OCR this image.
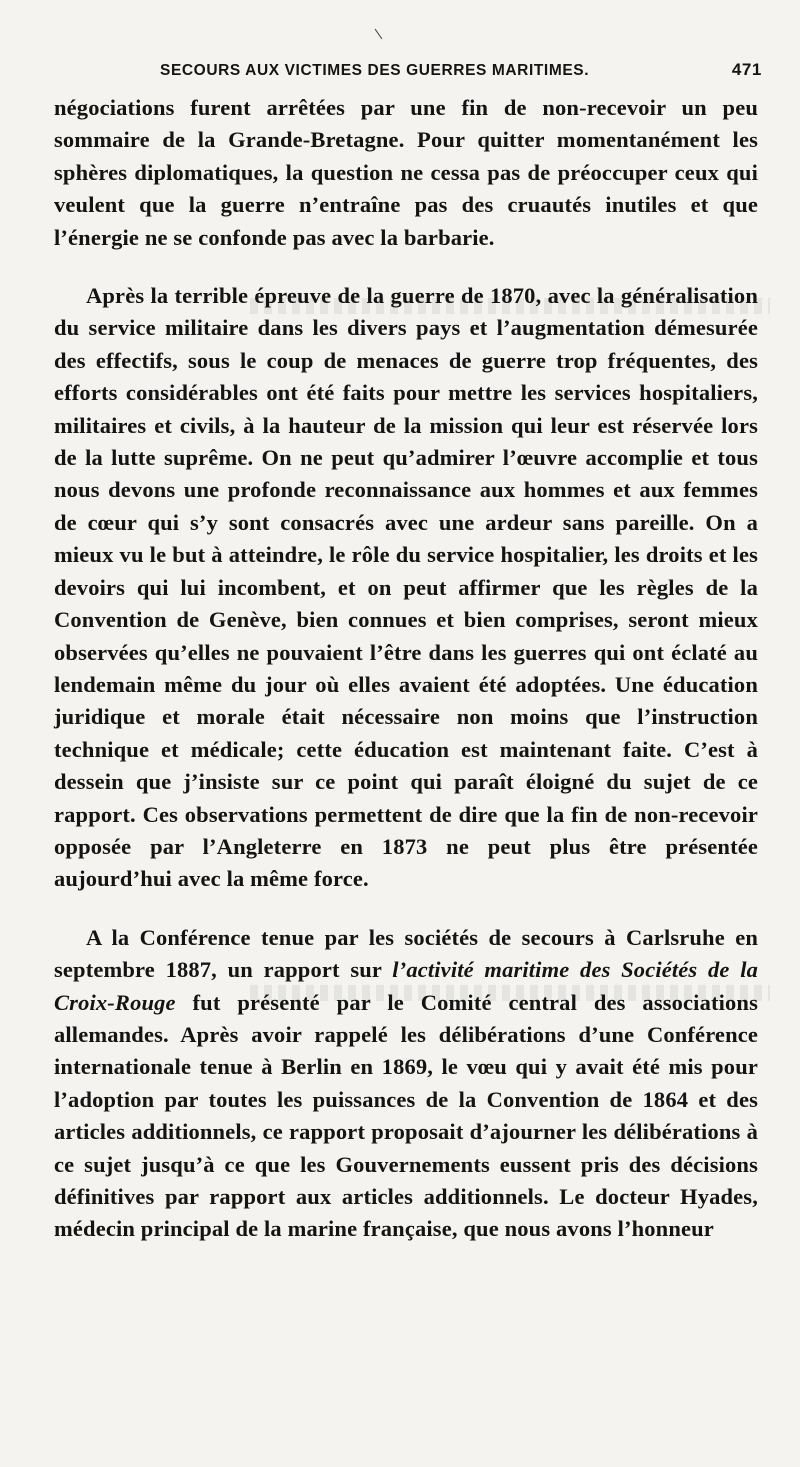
SECOURS AUX VICTIMES DES GUERRES MARITIMES.	471

négociations furent arrêtées par une fin de non-recevoir un peu sommaire de la Grande-Bretagne. Pour quitter momentanément les sphères diplomatiques, la question ne cessa pas de préoccuper ceux qui veulent que la guerre n’entraîne pas des cruautés inutiles et que l’énergie ne se confonde pas avec la barbarie.

Après la terrible épreuve de la guerre de 1870, avec la généralisation du service militaire dans les divers pays et l’augmentation démesurée des effectifs, sous le coup de menaces de guerre trop fréquentes, des efforts considérables ont été faits pour mettre les services hospitaliers, militaires et civils, à la hauteur de la mission qui leur est réservée lors de la lutte suprême. On ne peut qu’admirer l’œuvre accomplie et tous nous devons une profonde reconnaissance aux hommes et aux femmes de cœur qui s’y sont consacrés avec une ardeur sans pareille. On a mieux vu le but à atteindre, le rôle du service hospitalier, les droits et les devoirs qui lui incombent, et on peut affirmer que les règles de la Convention de Genève, bien connues et bien comprises, seront mieux observées qu’elles ne pouvaient l’être dans les guerres qui ont éclaté au lendemain même du jour où elles avaient été adoptées. Une éducation juridique et morale était nécessaire non moins que l’instruction technique et médicale; cette éducation est maintenant faite. C’est à dessein que j’insiste sur ce point qui paraît éloigné du sujet de ce rapport. Ces observations permettent de dire que la fin de non-recevoir opposée par l’Angleterre en 1873 ne peut plus être présentée aujourd’hui avec la même force.

A la Conférence tenue par les sociétés de secours à Carlsruhe en septembre 1887, un rapport sur l’activité maritime des Sociétés de la Croix-Rouge fut présenté par le Comité central des associations allemandes. Après avoir rappelé les délibérations d’une Conférence internationale tenue à Berlin en 1869, le vœu qui y avait été mis pour l’adoption par toutes les puissances de la Convention de 1864 et des articles additionnels, ce rapport proposait d’ajourner les délibérations à ce sujet jusqu’à ce que les Gouvernements eussent pris des décisions définitives par rapport aux articles additionnels. Le docteur Hyades, médecin principal de la marine française, que nous avons l’honneur
